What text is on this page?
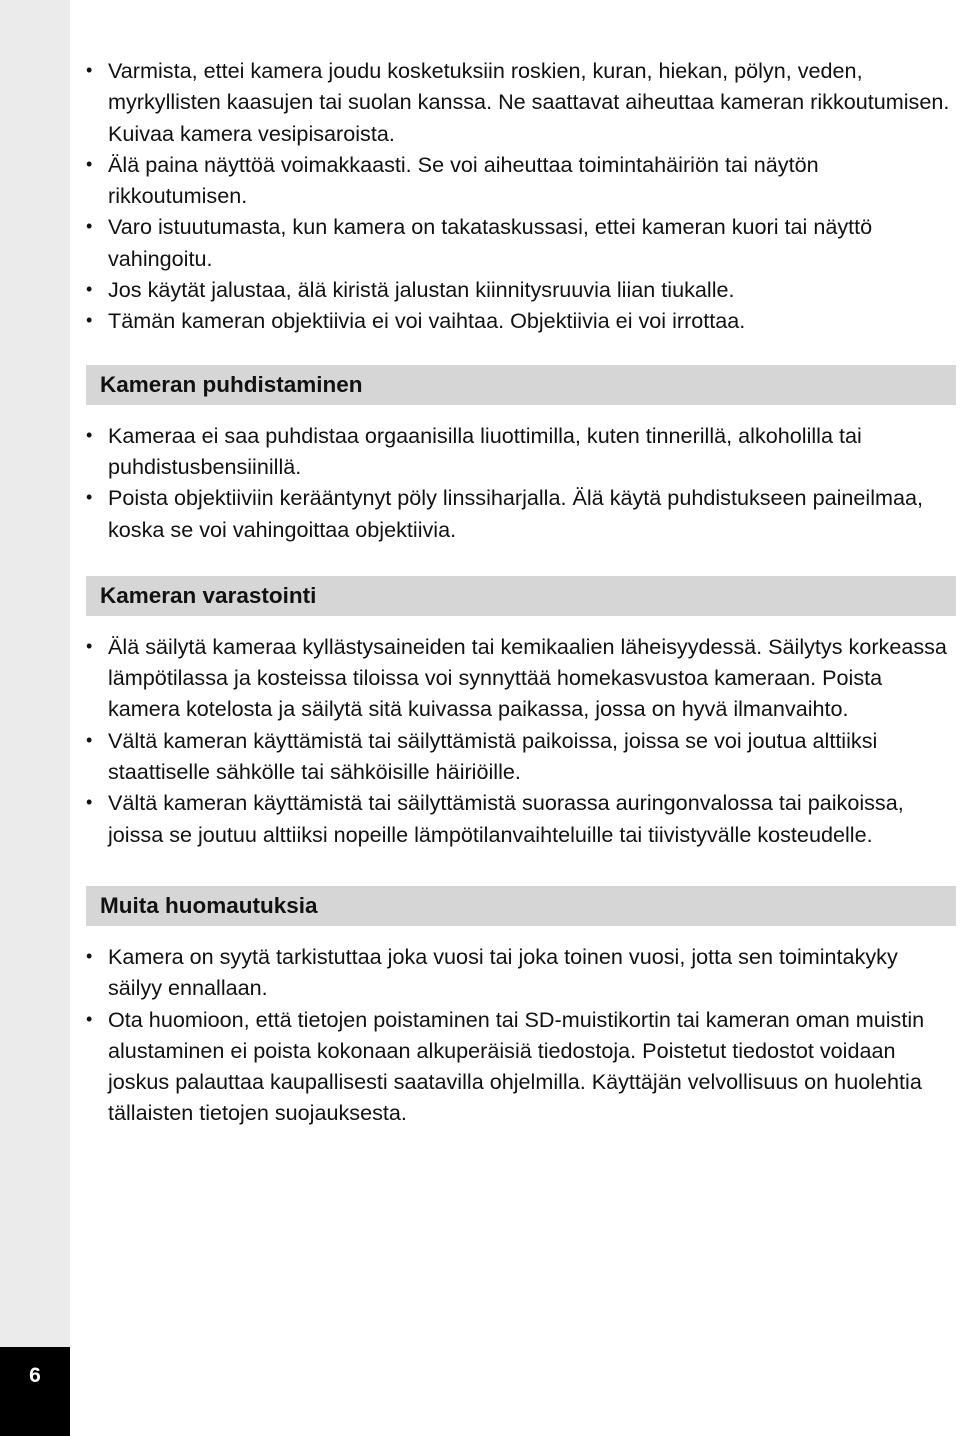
6
• Varmista, ettei kamera joudu kosketuksiin roskien, kuran, hiekan, pölyn, veden, myrkyllisten kaasujen tai suolan kanssa. Ne saattavat aiheuttaa kameran rikkoutumisen. Kuivaa kamera vesipisaroista.
• Älä paina näyttöä voimakkaasti. Se voi aiheuttaa toimintahäiriön tai näytön rikkoutumisen.
• Varo istuutumasta, kun kamera on takataskussasi, ettei kameran kuori tai näyttö vahingoitu.
• Jos käytät jalustaa, älä kiristä jalustan kiinnitysruuvia liian tiukalle.
• Tämän kameran objektiivia ei voi vaihtaa. Objektiivia ei voi irrottaa.
Kameran puhdistaminen
• Kameraa ei saa puhdistaa orgaanisilla liuottimilla, kuten tinnerillä, alkoholilla tai puhdistusbensiinillä.
• Poista objektiiviin kerääntynyt pöly linssiharjalla. Älä käytä puhdistukseen paineilmaa, koska se voi vahingoittaa objektiivia.
Kameran varastointi
• Älä säilytä kameraa kyllästysaineiden tai kemikaalien läheisyydessä. Säilytys korkeassa lämpötilassa ja kosteissa tiloissa voi synnyttää homekasvustoa kameraan. Poista kamera kotelosta ja säilytä sitä kuivassa paikassa, jossa on hyvä ilmanvaihto.
• Vältä kameran käyttämistä tai säilyttämistä paikoissa, joissa se voi joutua alttiiksi staattiselle sähkölle tai sähköisille häiriöille.
• Vältä kameran käyttämistä tai säilyttämistä suorassa auringonvalossa tai paikoissa, joissa se joutuu alttiiksi nopeille lämpötilanvaihteluille tai tiivistyvälle kosteudelle.
Muita huomautuksia
• Kamera on syytä tarkistuttaa joka vuosi tai joka toinen vuosi, jotta sen toimintakyky säilyy ennallaan.
• Ota huomioon, että tietojen poistaminen tai SD-muistikortin tai kameran oman muistin alustaminen ei poista kokonaan alkuperäisiä tiedostoja. Poistetut tiedostot voidaan joskus palauttaa kaupallisesti saatavilla ohjelmilla. Käyttäjän velvollisuus on huolehtia tällaisten tietojen suojauksesta.
